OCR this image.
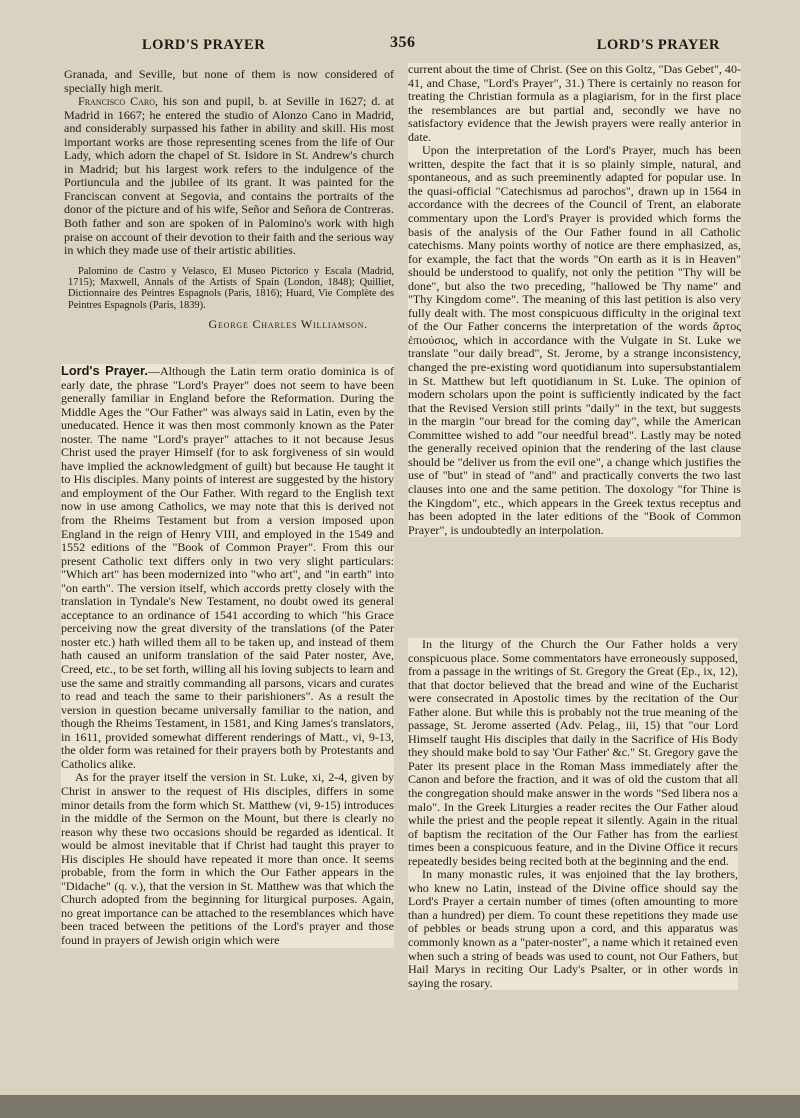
LORD'S PRAYER	356	LORD'S PRAYER

Granada, and Seville, but none of them is now considered of specially high merit.

Francisco Caro, his son and pupil, b. at Seville in 1627; d. at Madrid in 1667; he entered the studio of Alonzo Cano in Madrid, and considerably surpassed his father in ability and skill. His most important works are those representing scenes from the life of Our Lady, which adorn the chapel of St. Isidore in St. Andrew's church in Madrid; but his largest work refers to the indulgence of the Portiuncula and the jubilee of its grant. It was painted for the Franciscan convent at Segovia, and contains the portraits of the donor of the picture and of his wife, Señor and Señora de Contreras. Both father and son are spoken of in Palomino's work with high praise on account of their devotion to their faith and the serious way in which they made use of their artistic abilities.

Palomino de Castro y Velasco, El Museo Pictorico y Escala (Madrid, 1715); Maxwell, Annals of the Artists of Spain (London, 1848); Quilliet, Dictionnaire des Peintres Espagnols (Paris, 1816); Huard, Vie Complète des Peintres Espagnols (Paris, 1839).

George Charles Williamson.

Lord's Prayer.—Although the Latin term oratio dominica is of early date, the phrase "Lord's Prayer" does not seem to have been generally familiar in England before the Reformation. During the Middle Ages the "Our Father" was always said in Latin, even by the uneducated. Hence it was then most commonly known as the Pater noster. The name "Lord's prayer" attaches to it not because Jesus Christ used the prayer Himself (for to ask forgiveness of sin would have implied the acknowledgment of guilt) but because He taught it to His disciples. Many points of interest are suggested by the history and employment of the Our Father. With regard to the English text now in use among Catholics, we may note that this is derived not from the Rheims Testament but from a version imposed upon England in the reign of Henry VIII, and employed in the 1549 and 1552 editions of the "Book of Common Prayer". From this our present Catholic text differs only in two very slight particulars: "Which art" has been modernized into "who art", and "in earth" into "on earth". The version itself, which accords pretty closely with the translation in Tyndale's New Testament, no doubt owed its general acceptance to an ordinance of 1541 according to which "his Grace perceiving now the great diversity of the translations (of the Pater noster etc.) hath willed them all to be taken up, and instead of them hath caused an uniform translation of the said Pater noster, Ave, Creed, etc., to be set forth, willing all his loving subjects to learn and use the same and straitly commanding all parsons, vicars and curates to read and teach the same to their parishioners". As a result the version in question became universally familiar to the nation, and though the Rheims Testament, in 1581, and King James's translators, in 1611, provided somewhat different renderings of Matt., vi, 9-13, the older form was retained for their prayers both by Protestants and Catholics alike.

As for the prayer itself the version in St. Luke, xi, 2-4, given by Christ in answer to the request of His disciples, differs in some minor details from the form which St. Matthew (vi, 9-15) introduces in the middle of the Sermon on the Mount, but there is clearly no reason why these two occasions should be regarded as identical. It would be almost inevitable that if Christ had taught this prayer to His disciples He should have repeated it more than once. It seems probable, from the form in which the Our Father appears in the "Didache" (q. v.), that the version in St. Matthew was that which the Church adopted from the beginning for liturgical purposes. Again, no great importance can be attached to the resemblances which have been traced between the petitions of the Lord's prayer and those found in prayers of Jewish origin which were

current about the time of Christ. (See on this Goltz, "Das Gebet", 40-41, and Chase, "Lord's Prayer", 31.) There is certainly no reason for treating the Christian formula as a plagiarism, for in the first place the resemblances are but partial and, secondly we have no satisfactory evidence that the Jewish prayers were really anterior in date.

Upon the interpretation of the Lord's Prayer, much has been written, despite the fact that it is so plainly simple, natural, and spontaneous, and as such preeminently adapted for popular use. In the quasi-official "Catechismus ad parochos", drawn up in 1564 in accordance with the decrees of the Council of Trent, an elaborate commentary upon the Lord's Prayer is provided which forms the basis of the analysis of the Our Father found in all Catholic catechisms. Many points worthy of notice are there emphasized, as, for example, the fact that the words "On earth as it is in Heaven" should be understood to qualify, not only the petition "Thy will be done", but also the two preceding, "hallowed be Thy name" and "Thy Kingdom come". The meaning of this last petition is also very fully dealt with. The most conspicuous difficulty in the original text of the Our Father concerns the interpretation of the words ἄρτος ἐπιούσιος, which in accordance with the Vulgate in St. Luke we translate "our daily bread", St. Jerome, by a strange inconsistency, changed the pre-existing word quotidianum into supersubstantialem in St. Matthew but left quotidianum in St. Luke. The opinion of modern scholars upon the point is sufficiently indicated by the fact that the Revised Version still prints "daily" in the text, but suggests in the margin "our bread for the coming day", while the American Committee wished to add "our needful bread". Lastly may be noted the generally received opinion that the rendering of the last clause should be "deliver us from the evil one", a change which justifies the use of "but" in stead of "and" and practically converts the two last clauses into one and the same petition. The doxology "for Thine is the Kingdom", etc., which appears in the Greek textus receptus and has been adopted in the later editions of the "Book of Common Prayer", is undoubtedly an interpolation.

In the liturgy of the Church the Our Father holds a very conspicuous place. Some commentators have erroneously supposed, from a passage in the writings of St. Gregory the Great (Ep., ix, 12), that that doctor believed that the bread and wine of the Eucharist were consecrated in Apostolic times by the recitation of the Our Father alone. But while this is probably not the true meaning of the passage, St. Jerome asserted (Adv. Pelag., iii, 15) that "our Lord Himself taught His disciples that daily in the Sacrifice of His Body they should make bold to say 'Our Father' &c." St. Gregory gave the Pater its present place in the Roman Mass immediately after the Canon and before the fraction, and it was of old the custom that all the congregation should make answer in the words "Sed libera nos a malo". In the Greek Liturgies a reader recites the Our Father aloud while the priest and the people repeat it silently. Again in the ritual of baptism the recitation of the Our Father has from the earliest times been a conspicuous feature, and in the Divine Office it recurs repeatedly besides being recited both at the beginning and the end.

In many monastic rules, it was enjoined that the lay brothers, who knew no Latin, instead of the Divine office should say the Lord's Prayer a certain number of times (often amounting to more than a hundred) per diem. To count these repetitions they made use of pebbles or beads strung upon a cord, and this apparatus was commonly known as a "pater-noster", a name which it retained even when such a string of beads was used to count, not Our Fathers, but Hail Marys in reciting Our Lady's Psalter, or in other words in saying the rosary.
